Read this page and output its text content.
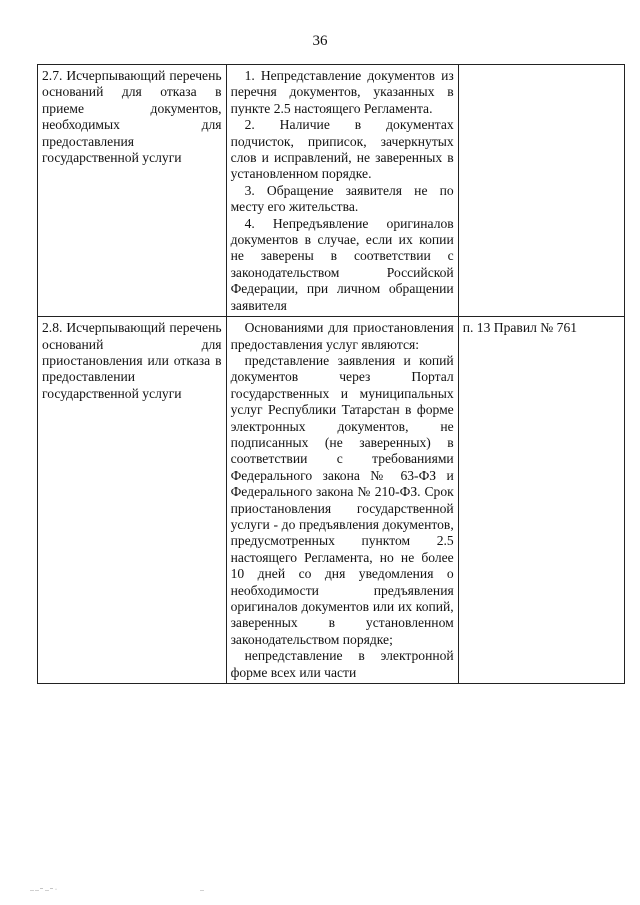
36
2.7. Исчерпывающий перечень оснований для отказа в приеме документов, необходимых для предоставления государственной услуги	1. Непредставление документов из перечня документов, указанных в пункте 2.5 настоящего Регламента.

2. Наличие в документах подчисток, приписок, зачеркнутых слов и исправлений, не заверенных в установленном порядке.

3. Обращение заявителя не по месту его жительства.

4. Непредъявление оригиналов документов в случае, если их копии не заверены в соответствии с законодательством Российской Федерации, при личном обращении заявителя	

2.8. Исчерпывающий перечень оснований для приостановления или отказа в предоставлении государственной услуги	Основаниями для приостановления предоставления услуг являются:

представление заявления и копий документов через Портал государственных и муниципальных услуг Республики Татарстан в форме электронных документов, не подписанных (не заверенных) в соответствии с требованиями Федерального закона № 63-ФЗ и Федерального закона № 210-ФЗ. Срок приостановления государственной услуги - до предъявления документов, предусмотренных пунктом 2.5 настоящего Регламента, но не более 10 дней со дня уведомления о необходимости предъявления оригиналов документов или их копий, заверенных в установленном законодательством порядке;

непредставление в электронной форме всех или части	п. 13 Правил № 761
‥‥ ̶ ‥ ̶ ·	‥
